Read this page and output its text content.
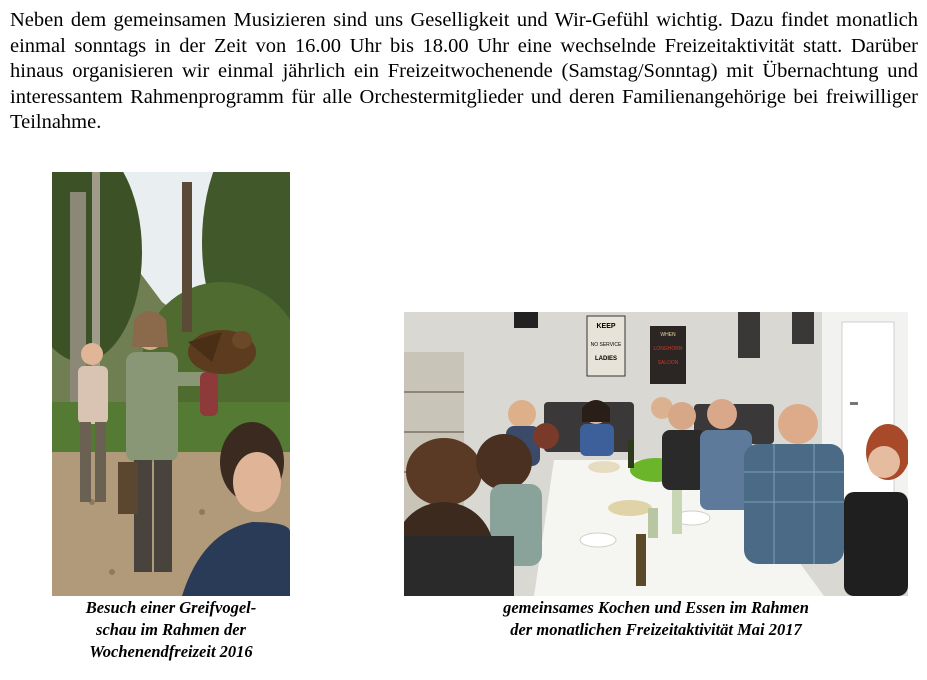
Neben dem gemeinsamen Musizieren sind uns Geselligkeit und Wir-Gefühl wichtig. Dazu findet monatlich einmal sonntags in der Zeit von 16.00 Uhr bis 18.00 Uhr eine wechselnde Freizeitaktivität statt. Darüber hinaus organisieren wir einmal jährlich ein Freizeitwochenende (Samstag/Sonntag) mit Übernachtung und interessantem Rahmenprogramm für alle Orchestermitglieder und deren Familienangehörige bei freiwilliger Teilnahme.

KEEP
NO SERVICE
LADIES
WHEN
LONGHORN
SALOON

Besuch einer Greifvogel-
schau im Rahmen der
Wochenendfreizeit 2016

gemeinsames Kochen und Essen im Rahmen
der monatlichen Freizeitaktivität Mai 2017
